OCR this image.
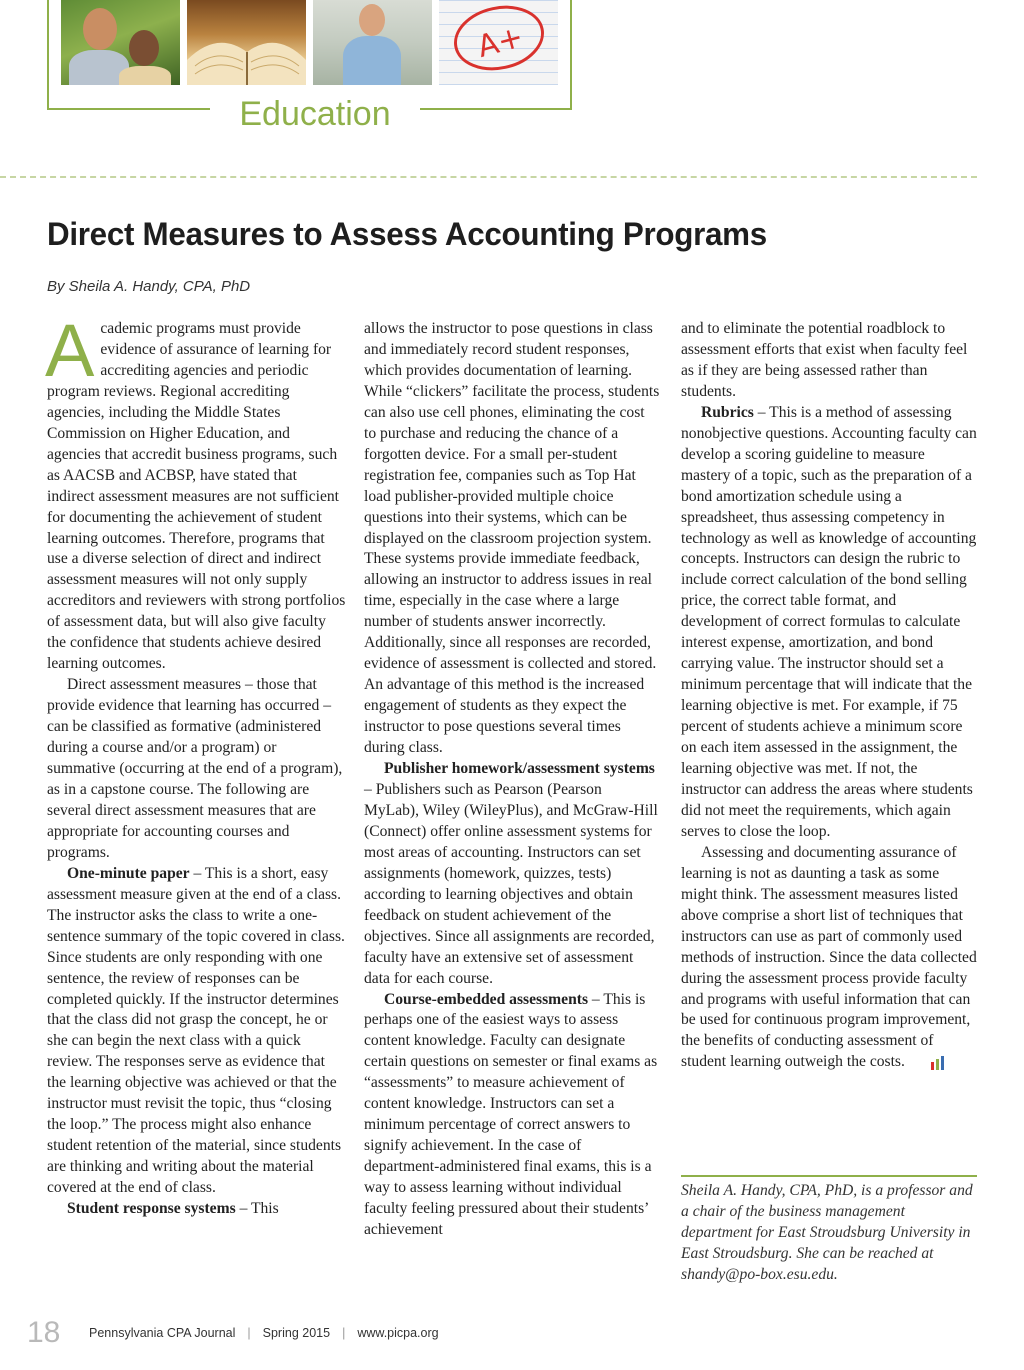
A+
Education
Direct Measures to Assess Accounting Programs
By Sheila A. Handy, CPA, PhD

Academic programs must provide evidence of assurance of learning for accrediting agencies and periodic program reviews. Regional accrediting agencies, including the Middle States Commission on Higher Education, and agencies that accredit business programs, such as AACSB and ACBSP, have stated that indirect assessment measures are not sufficient for documenting the achievement of student learning outcomes. Therefore, programs that use a diverse selection of direct and indirect assessment measures will not only supply accreditors and reviewers with strong portfolios of assessment data, but will also give faculty the confidence that students achieve desired learning outcomes.

Direct assessment measures – those that provide evidence that learning has occurred – can be classified as formative (administered during a course and/or a program) or summative (occurring at the end of a program), as in a capstone course. The following are several direct assessment measures that are appropriate for accounting courses and programs.

One-minute paper – This is a short, easy assessment measure given at the end of a class. The instructor asks the class to write a one-sentence summary of the topic covered in class. Since students are only responding with one sentence, the review of responses can be completed quickly. If the instructor determines that the class did not grasp the concept, he or she can begin the next class with a quick review. The responses serve as evidence that the learning objective was achieved or that the instructor must revisit the topic, thus “closing the loop.” The process might also enhance student retention of the material, since students are thinking and writing about the material covered at the end of class.

Student response systems – This

allows the instructor to pose questions in class and immediately record student responses, which provides documentation of learning. While “clickers” facilitate the process, students can also use cell phones, eliminating the cost to purchase and reducing the chance of a forgotten device. For a small per-student registration fee, companies such as Top Hat load publisher-provided multiple choice questions into their systems, which can be displayed on the classroom projection system. These systems provide immediate feedback, allowing an instructor to address issues in real time, especially in the case where a large number of students answer incorrectly. Additionally, since all responses are recorded, evidence of assessment is collected and stored. An advantage of this method is the increased engagement of students as they expect the instructor to pose questions several times during class.

Publisher homework/assessment systems – Publishers such as Pearson (Pearson MyLab), Wiley (WileyPlus), and McGraw-Hill (Connect) offer online assessment systems for most areas of accounting. Instructors can set assignments (homework, quizzes, tests) according to learning objectives and obtain feedback on student achievement of the objectives. Since all assignments are recorded, faculty have an extensive set of assessment data for each course.

Course-embedded assessments – This is perhaps one of the easiest ways to assess content knowledge. Faculty can designate certain questions on semester or final exams as “assessments” to measure achievement of content knowledge. Instructors can set a minimum percentage of correct answers to signify achievement. In the case of department-administered final exams, this is a way to assess learning without individual faculty feeling pressured about their students’ achievement

and to eliminate the potential roadblock to assessment efforts that exist when faculty feel as if they are being assessed rather than students.

Rubrics – This is a method of assessing nonobjective questions. Accounting faculty can develop a scoring guideline to measure mastery of a topic, such as the preparation of a bond amortization schedule using a spreadsheet, thus assessing competency in technology as well as knowledge of accounting concepts. Instructors can design the rubric to include correct calculation of the bond selling price, the correct table format, and development of correct formulas to calculate interest expense, amortization, and bond carrying value. The instructor should set a minimum percentage that will indicate that the learning objective is met. For example, if 75 percent of students achieve a minimum score on each item assessed in the assignment, the learning objective was met. If not, the instructor can address the areas where students did not meet the requirements, which again serves to close the loop.

Assessing and documenting assurance of learning is not as daunting a task as some might think. The assessment measures listed above comprise a short list of techniques that instructors can use as part of commonly used methods of instruction. Since the data collected during the assessment process provide faculty and programs with useful information that can be used for continuous program improvement, the benefits of conducting assessment of student learning outweigh the costs.

Sheila A. Handy, CPA, PhD, is a professor and a chair of the business management department for East Stroudsburg University in East Stroudsburg. She can be reached at shandy@po-box.esu.edu.
18	Pennsylvania CPA Journal | Spring 2015 | www.picpa.org
